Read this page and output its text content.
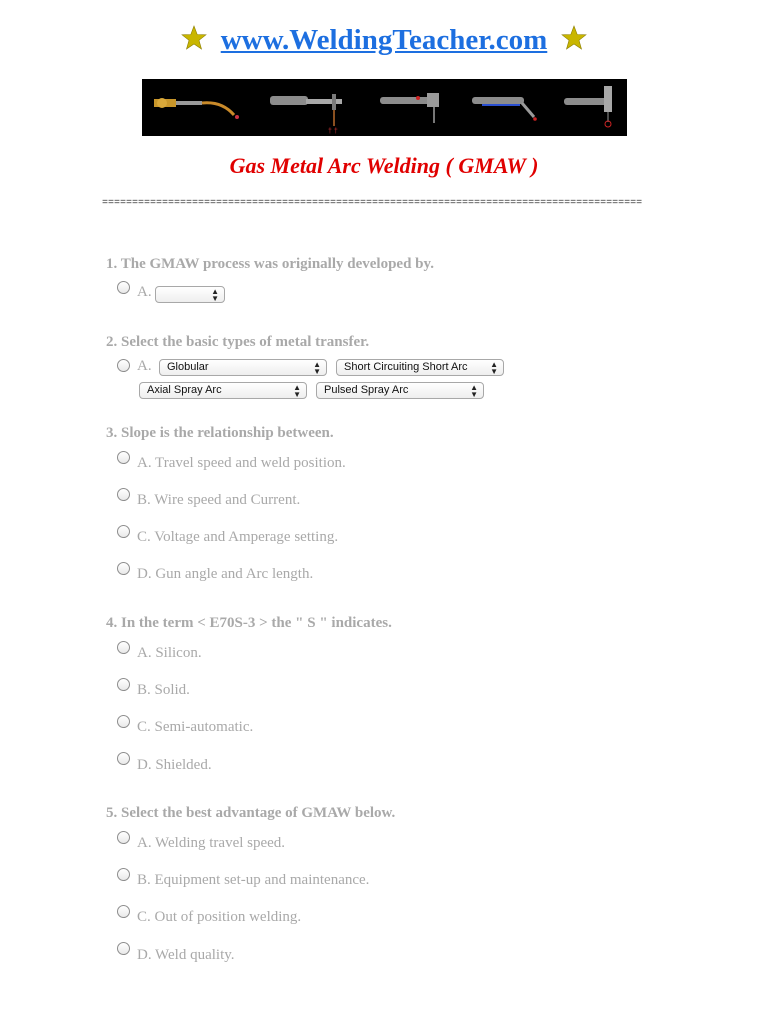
www.WeldingTeacher.com
† †
Gas Metal Arc Welding ( GMAW )
==========================================================================================
1. The GMAW process was originally developed by.
A.	▲
▼
2. Select the basic types of metal transfer.
A.	Globular	▲
▼	Short Circuiting Short Arc	▲
▼
Axial Spray Arc	▲
▼	Pulsed Spray Arc	▲
▼
3. Slope is the relationship between.
A. Travel speed and weld position.
B. Wire speed and Current.
C. Voltage and Amperage setting.
D. Gun angle and Arc length.
4. In the term < E70S-3 > the " S " indicates.
A. Silicon.
B. Solid.
C. Semi-automatic.
D. Shielded.
5. Select the best advantage of GMAW below.
A. Welding travel speed.
B. Equipment set-up and maintenance.
C. Out of position welding.
D. Weld quality.
